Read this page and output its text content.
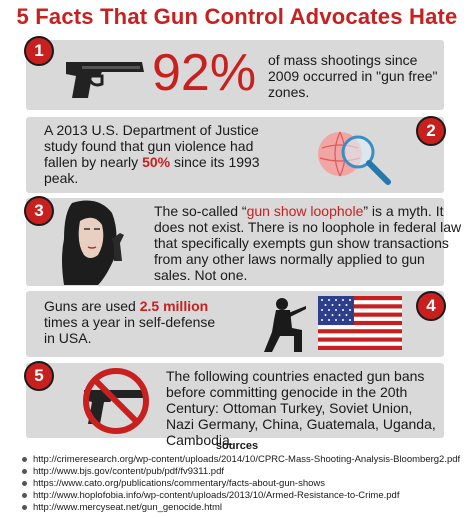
5 Facts That Gun Control Advocates Hate
1 92% of mass shootings since
2009 occurred in "gun free"
zones.
2
A 2013 U.S. Department of Justice
study found that gun violence had
fallen by nearly 50% since its 1993
peak.
3	The so-called “gun show loophole” is a myth. It
does not exist. There is no loophole in federal law
that specifically exempts gun show transactions
from any other laws normally applied to gun
sales. Not one.
4
Guns are used 2.5 million
times a year in self-defense
in USA.
5	The following countries enacted gun bans
before committing genocide in the 20th
Century: Ottoman Turkey, Soviet Union,
Nazi Germany, China, Guatemala, Uganda,
Cambodia.
sources
http://crimeresearch.org/wp-content/uploads/2014/10/CPRC-Mass-Shooting-Analysis-Bloomberg2.pdf
http://www.bjs.gov/content/pub/pdf/fv9311.pdf
https://www.cato.org/publications/commentary/facts-about-gun-shows
http://www.hoplofobia.info/wp-content/uploads/2013/10/Armed-Resistance-to-Crime.pdf
http://www.mercyseat.net/gun_genocide.html
